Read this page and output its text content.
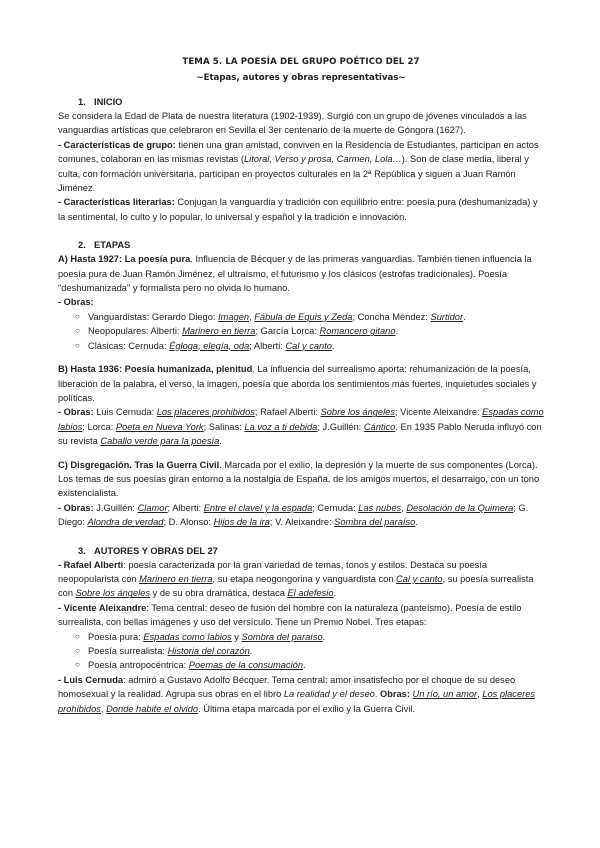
TEMA 5. LA POESÍA DEL GRUPO POÉTICO DEL 27
~Etapas, autores y obras representativas~
1. INICIO

Se considera la Edad de Plata de nuestra literatura (1902-1939). Surgió con un grupo de jóvenes vinculados a las vanguardias artísticas que celebraron en Sevilla el 3er centenario de la muerte de Góngora (1627).

- Características de grupo: tienen una gran amistad, conviven en la Residencia de Estudiantes, participan en actos comunes, colaboran en las mismas revistas (Litoral, Verso y prosa, Carmen, Lola…). Son de clase media, liberal y culta, con formación universitaria, participan en proyectos culturales en la 2ª República y siguen a Juan Ramón Jiménez.

- Características literarias: Conjugan la vanguardia y tradición con equilibrio entre: poesía pura (deshumanizada) y la sentimental, lo culto y lo popular, lo universal y español y la tradición e innovación.

2. ETAPAS

A) Hasta 1927: La poesía pura. Influencia de Bécquer y de las primeras vanguardias. También tienen influencia la poesía pura de Juan Ramón Jiménez, el ultraísmo, el futurismo y los clásicos (estrofas tradicionales). Poesía "deshumanizada" y formalista pero no olvida lo humano.

- Obras:

○ Vanguardistas: Gerardo Diego: Imagen, Fábula de Equis y Zeda; Concha Méndez: Surtidor.
○ Neopopulares: Alberti: Marinero en tierra; García Lorca: Romancero gitano.
○ Clásicas: Cernuda: Égloga, elegía, oda; Alberti: Cal y canto.

B) Hasta 1936: Poesía humanizada, plenitud. La influencia del surrealismo aporta: rehumanización de la poesía, liberación de la palabra, el verso, la imagen, poesía que aborda los sentimientos más fuertes, inquietudes sociales y políticas.

- Obras: Luis Cernuda: Los placeres prohibidos; Rafael Alberti: Sobre los ángeles; Vicente Aleixandre: Espadas como labios; Lorca: Poeta en Nueva York; Salinas: La voz a ti debida; J.Guillén: Cántico. En 1935 Pablo Neruda influyó con su revista Caballo verde para la poesía.

C) Disgregación. Tras la Guerra Civil. Marcada por el exilio, la depresión y la muerte de sus componentes (Lorca). Los temas de sus poesías giran entorno a la nostalgia de España, de los amigos muertos, el desarraigo, con un tono existencialista.

- Obras: J.Guillén: Clamor; Alberti: Entre el clavel y la espada; Cernuda: Las nubes, Desolación de la Quimera; G. Diego: Alondra de verdad; D. Alonso: Hijos de la ira; V. Aleixandre: Sombra del paraíso.

3. AUTORES Y OBRAS DEL 27

- Rafael Alberti: poesía caracterizada por la gran variedad de temas, tonos y estilos. Destaca su poesía neopopularista con Marinero en tierra, su etapa neogongorina y vanguardista con Cal y canto, su poesía surrealista con Sobre los ángeles y de su obra dramática, destaca El adefesio.

- Vicente Aleixandre: Tema central: deseo de fusión del hombre con la naturaleza (panteísmo). Poesía de estilo surrealista, con bellas imágenes y uso del versículo. Tiene un Premio Nobel. Tres etapas:

○ Poesía pura: Espadas como labios y Sombra del paraíso.
○ Poesía surrealista: Historia del corazón.
○ Poesía antropocéntrica: Poemas de la consumación.

- Luis Cernuda: admiró a Gustavo Adolfo Bécquer. Tema central: amor insatisfecho por el choque de su deseo homosexual y la realidad. Agrupa sus obras en el libro La realidad y el deseo. Obras: Un río, un amor, Los placeres prohibidos, Donde habite el olvido. Última etapa marcada por el exilio y la Guerra Civil.
